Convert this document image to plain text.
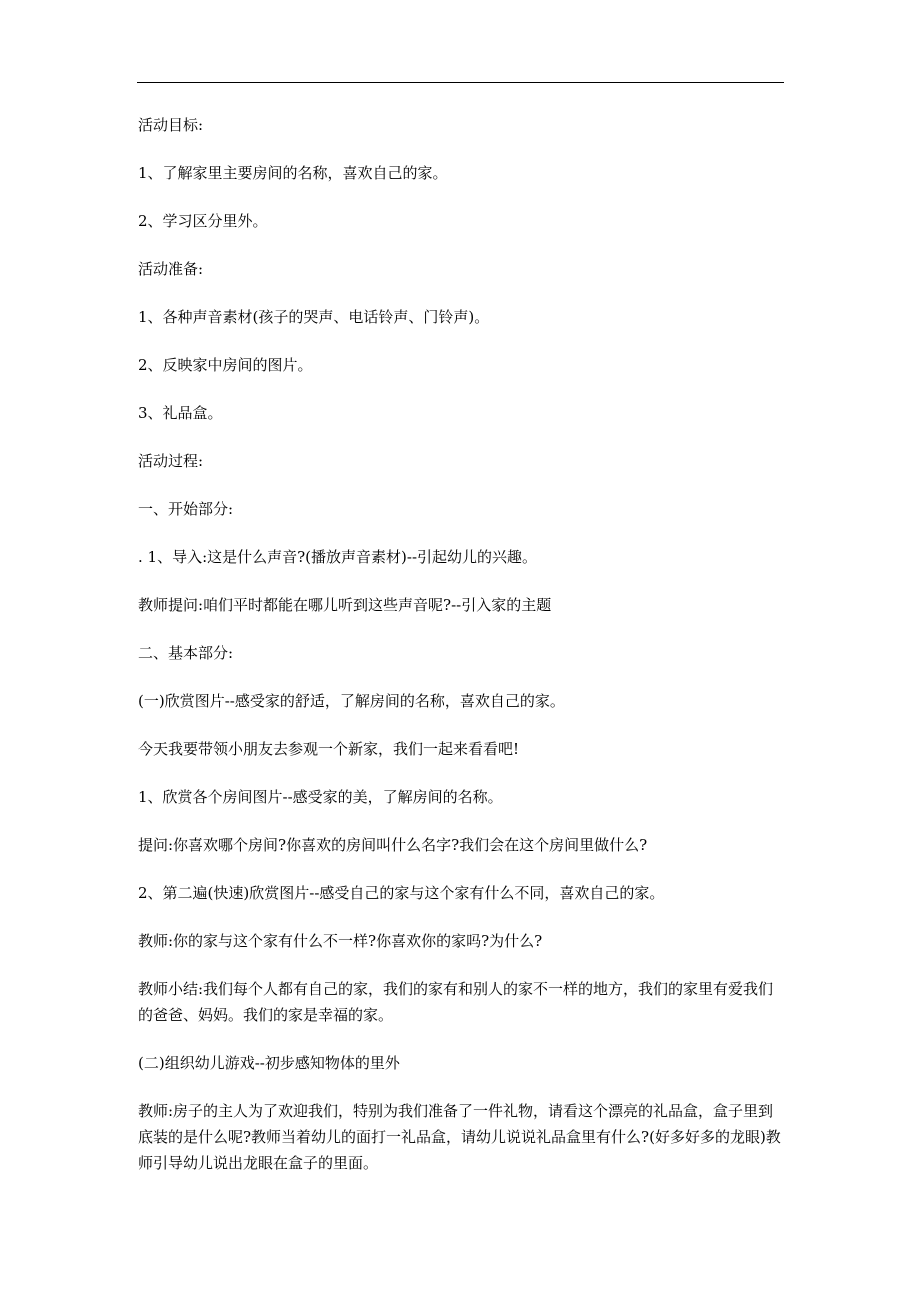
活动目标:

1、了解家里主要房间的名称，喜欢自己的家。

2、学习区分里外。

活动准备:

1、各种声音素材(孩子的哭声、电话铃声、门铃声)。

2、反映家中房间的图片。

3、礼品盒。

活动过程:

一、开始部分:

. 1、导入:这是什么声音?(播放声音素材)--引起幼儿的兴趣。

教师提问:咱们平时都能在哪儿听到这些声音呢?--引入家的主题

二、基本部分:

(一)欣赏图片--感受家的舒适，了解房间的名称，喜欢自己的家。

今天我要带领小朋友去参观一个新家，我们一起来看看吧!

1、欣赏各个房间图片--感受家的美，了解房间的名称。

提问:你喜欢哪个房间?你喜欢的房间叫什么名字?我们会在这个房间里做什么?

2、第二遍(快速)欣赏图片--感受自己的家与这个家有什么不同，喜欢自己的家。

教师:你的家与这个家有什么不一样?你喜欢你的家吗?为什么?

教师小结:我们每个人都有自己的家，我们的家有和别人的家不一样的地方，我们的家里有爱我们的爸爸、妈妈。我们的家是幸福的家。

(二)组织幼儿游戏--初步感知物体的里外

教师:房子的主人为了欢迎我们，特别为我们准备了一件礼物，请看这个漂亮的礼品盒，盒子里到底装的是什么呢?教师当着幼儿的面打一礼品盒，请幼儿说说礼品盒里有什么?(好多好多的龙眼)教师引导幼儿说出龙眼在盒子的里面。
